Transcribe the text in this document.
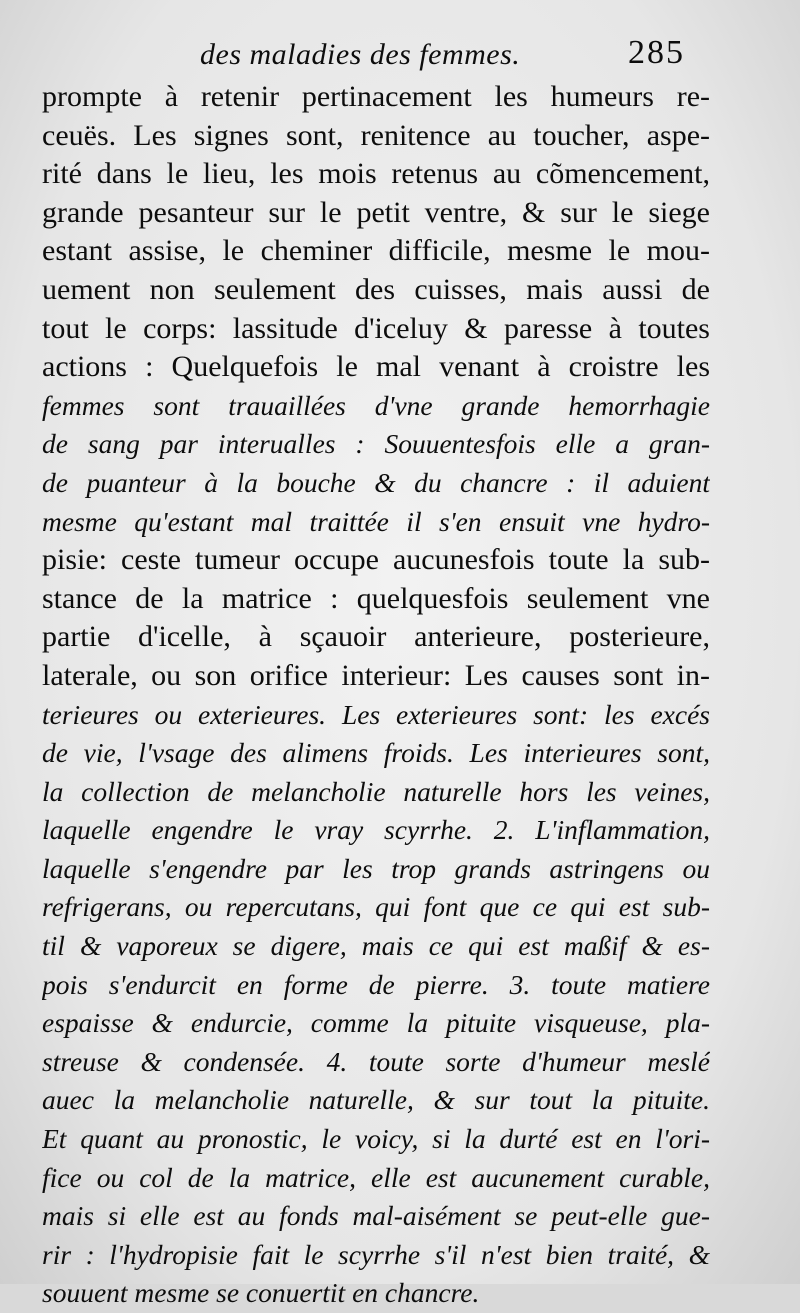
des maladies des femmes.	285
prompte à retenir pertinacement les humeurs re-
ceuës. Les signes sont, renitence au toucher, aspe-
rité dans le lieu, les mois retenus au cõmencement,
grande pesanteur sur le petit ventre, & sur le siege
estant assise, le cheminer difficile, mesme le mou-
uement non seulement des cuisses, mais aussi de
tout le corps: lassitude d'iceluy & paresse à toutes
actions : Quelquefois le mal venant à croistre les
femmes sont trauaillées d'vne grande hemorrhagie
de sang par interualles : Souuentesfois elle a gran-
de puanteur à la bouche & du chancre : il aduient
mesme qu'estant mal traittée il s'en ensuit vne hydro-
pisie: ceste tumeur occupe aucunesfois toute la sub-
stance de la matrice : quelquesfois seulement vne
partie d'icelle, à sçauoir anterieure, posterieure,
laterale, ou son orifice interieur: Les causes sont in-
terieures ou exterieures. Les exterieures sont: les excés
de vie, l'vsage des alimens froids. Les interieures sont,
la collection de melancholie naturelle hors les veines,
laquelle engendre le vray scyrrhe. 2. L'inflammation,
laquelle s'engendre par les trop grands astringens ou
refrigerans, ou repercutans, qui font que ce qui est sub-
til & vaporeux se digere, mais ce qui est maßif & es-
pois s'endurcit en forme de pierre. 3. toute matiere
espaisse & endurcie, comme la pituite visqueuse, pla-
streuse & condensée. 4. toute sorte d'humeur meslé
auec la melancholie naturelle, & sur tout la pituite.
Et quant au pronostic, le voicy, si la durté est en l'ori-
fice ou col de la matrice, elle est aucunement curable,
mais si elle est au fonds mal-aisément se peut-elle gue-
rir : l'hydropisie fait le scyrrhe s'il n'est bien traité, &
souuent mesme se conuertit en chancre.
